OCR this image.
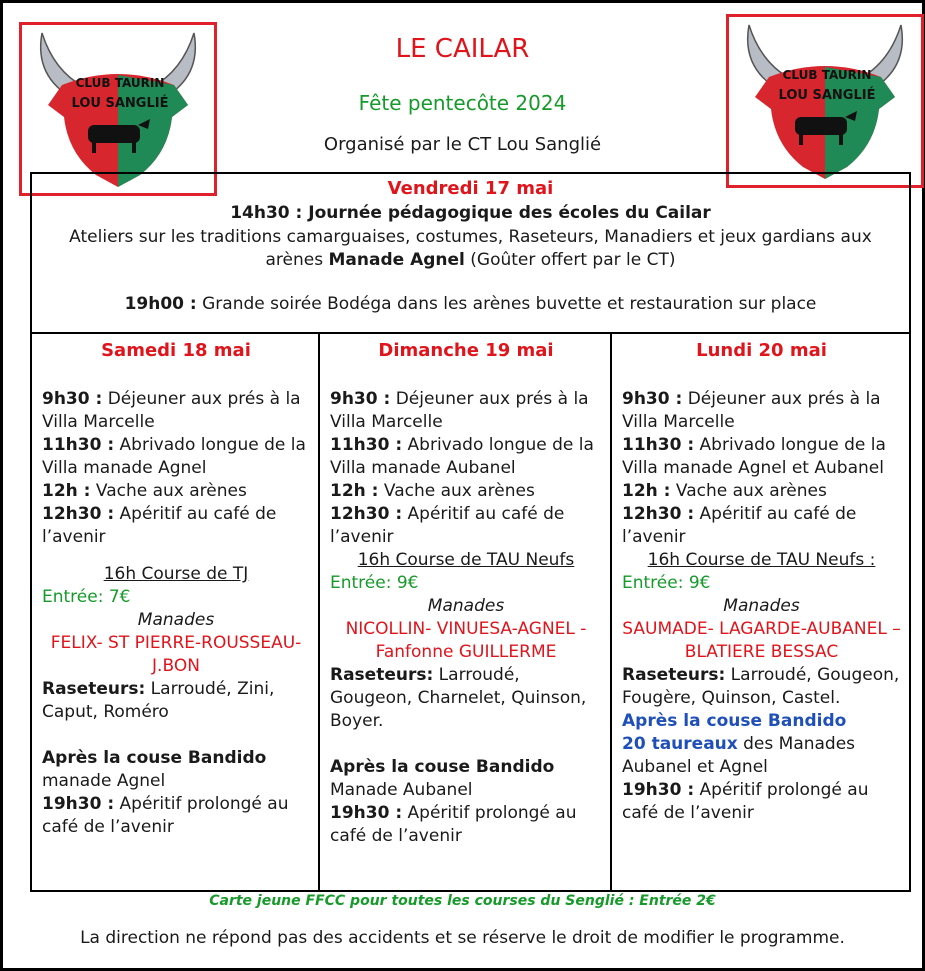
CLUB TAURIN
LOU SANGLIÉ
CLUB TAURIN
LOU SANGLIÉ
LE CAILAR
Fête pentecôte 2024
Organisé par le CT Lou Sanglié
Vendredi 17 mai
14h30 : Journée pédagogique des écoles du Cailar
Ateliers sur les traditions camarguaises, costumes, Raseteurs, Manadiers et jeux gardians aux arènes Manade Agnel (Goûter offert par le CT)
19h00 : Grande soirée Bodéga dans les arènes buvette et restauration sur place
Samedi 18 mai

9h30 : Déjeuner aux prés à la Villa Marcelle

11h30 : Abrivado longue de la Villa manade Agnel

12h : Vache aux arènes

12h30 : Apéritif au café de l’avenir

16h Course de TJ
Entrée: 7€
Manades
FELIX- ST PIERRE-ROUSSEAU- J.BON

Raseteurs: Larroudé, Zini, Caput, Roméro

Après la couse Bandido

manade Agnel

19h30 : Apéritif prolongé au café de l’avenir

Dimanche 19 mai

9h30 : Déjeuner aux prés à la Villa Marcelle

11h30 : Abrivado longue de la Villa manade Aubanel

12h : Vache aux arènes

12h30 : Apéritif au café de l’avenir

16h Course de TAU Neufs
Entrée: 9€
Manades
NICOLLIN- VINUESA-AGNEL - Fanfonne GUILLERME

Raseteurs: Larroudé, Gougeon, Charnelet, Quinson, Boyer.

Après la couse Bandido

Manade Aubanel

19h30 : Apéritif prolongé au café de l’avenir

Lundi 20 mai

9h30 : Déjeuner aux prés à la Villa Marcelle

11h30 : Abrivado longue de la Villa manade Agnel et Aubanel

12h : Vache aux arènes

12h30 : Apéritif au café de l’avenir

16h Course de TAU Neufs :
Entrée: 9€
Manades
SAUMADE- LAGARDE-AUBANEL – BLATIERE BESSAC

Raseteurs: Larroudé, Gougeon, Fougère, Quinson, Castel.

Après la couse Bandido

20 taureaux des Manades Aubanel et Agnel

19h30 : Apéritif prolongé au café de l’avenir

Carte jeune FFCC pour toutes les courses du Senglié : Entrée 2€
La direction ne répond pas des accidents et se réserve le droit de modifier le programme.
